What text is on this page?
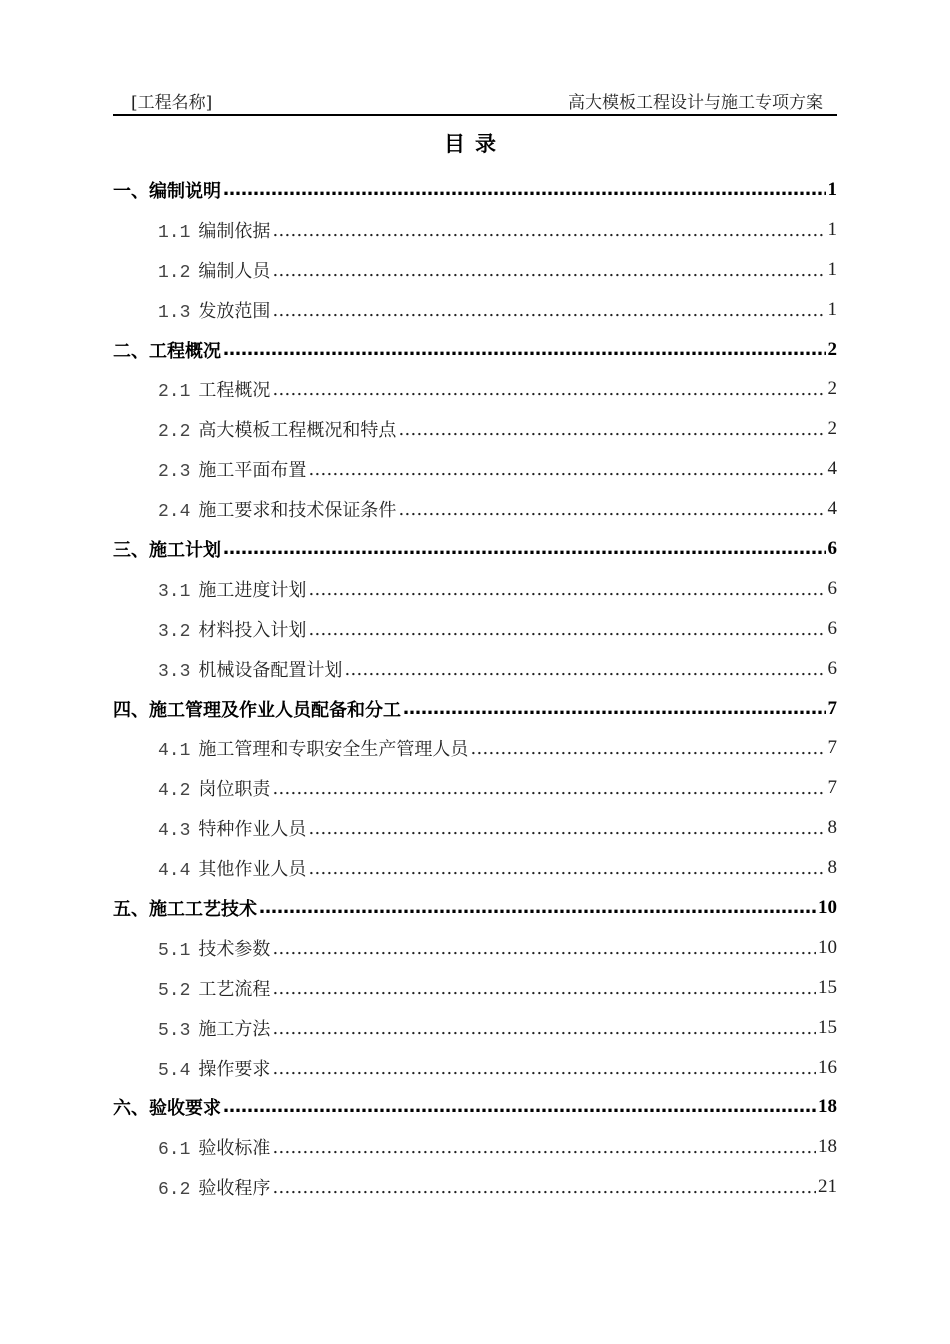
[工程名称]	高大模板工程设计与施工专项方案
目录
一、编制说明 ……………………………………………………………………………………………………………………………………………………………………	1
1.1 编制依据 ……………………………………………………………………………………………………………………………………………………………………	1
1.2 编制人员 ……………………………………………………………………………………………………………………………………………………………………	1
1.3 发放范围 ……………………………………………………………………………………………………………………………………………………………………	1
二、工程概况 ……………………………………………………………………………………………………………………………………………………………………	2
2.1 工程概况 ……………………………………………………………………………………………………………………………………………………………………	2
2.2 高大模板工程概况和特点 ……………………………………………………………………………………………………………………………………………………………………	2
2.3 施工平面布置 ……………………………………………………………………………………………………………………………………………………………………	4
2.4 施工要求和技术保证条件 ……………………………………………………………………………………………………………………………………………………………………	4
三、施工计划 ……………………………………………………………………………………………………………………………………………………………………	6
3.1 施工进度计划 ……………………………………………………………………………………………………………………………………………………………………	6
3.2 材料投入计划 ……………………………………………………………………………………………………………………………………………………………………	6
3.3 机械设备配置计划 ……………………………………………………………………………………………………………………………………………………………………	6
四、施工管理及作业人员配备和分工 ……………………………………………………………………………………………………………………………………………………………………	7
4.1 施工管理和专职安全生产管理人员 ……………………………………………………………………………………………………………………………………………………………………	7
4.2 岗位职责 ……………………………………………………………………………………………………………………………………………………………………	7
4.3 特种作业人员 ……………………………………………………………………………………………………………………………………………………………………	8
4.4 其他作业人员 ……………………………………………………………………………………………………………………………………………………………………	8
五、施工工艺技术 ……………………………………………………………………………………………………………………………………………………………………	10
5.1 技术参数 ……………………………………………………………………………………………………………………………………………………………………	10
5.2 工艺流程 ……………………………………………………………………………………………………………………………………………………………………	15
5.3 施工方法 ……………………………………………………………………………………………………………………………………………………………………	15
5.4 操作要求 ……………………………………………………………………………………………………………………………………………………………………	16
六、验收要求 ……………………………………………………………………………………………………………………………………………………………………	18
6.1 验收标准 ……………………………………………………………………………………………………………………………………………………………………	18
6.2 验收程序 ……………………………………………………………………………………………………………………………………………………………………	21
